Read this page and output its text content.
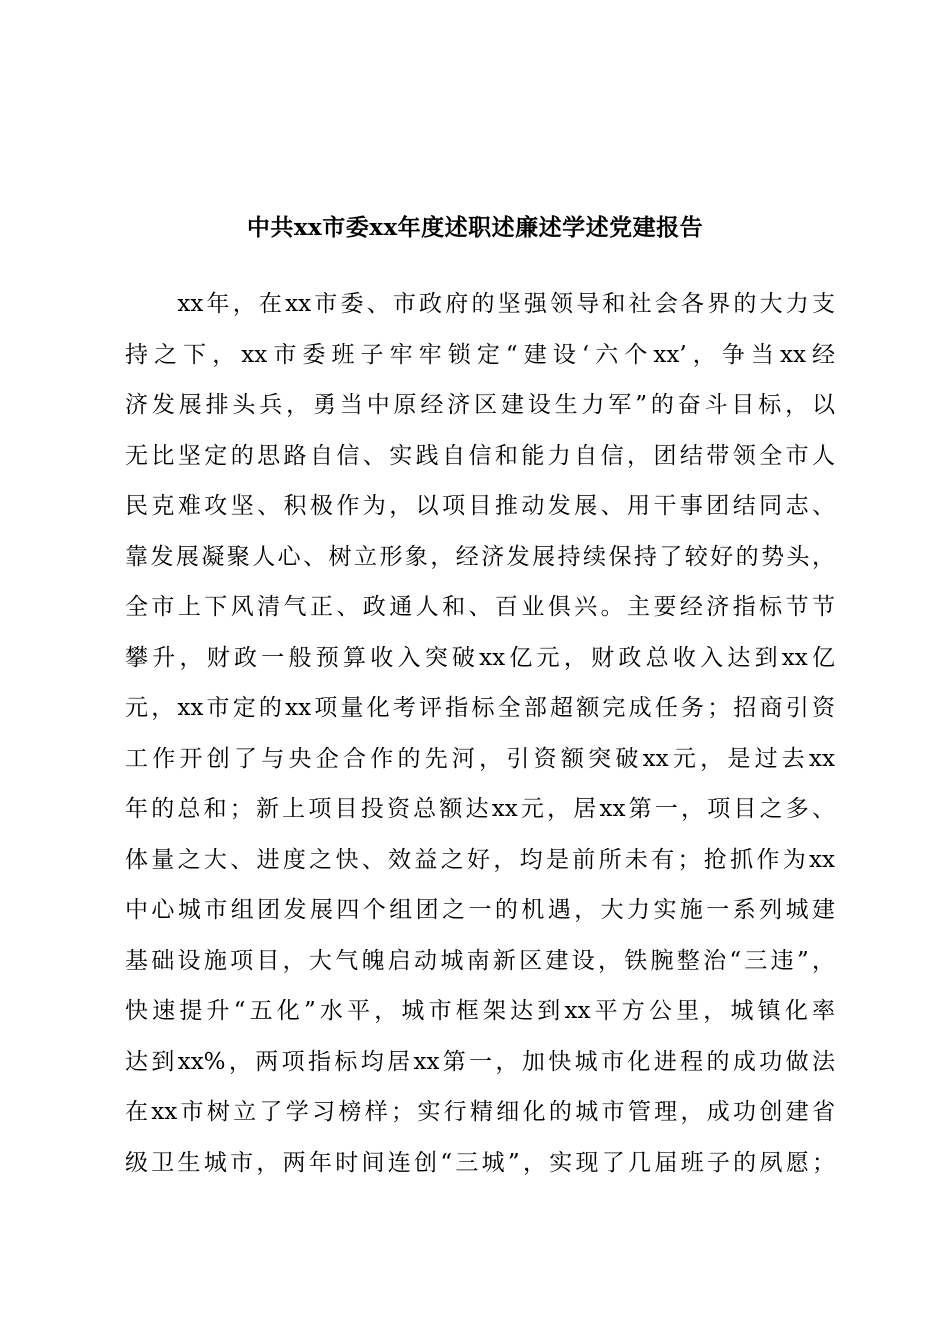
中共xx市委xx年度述职述廉述学述党建报告
　　xx年，在xx市委、市政府的坚强领导和社会各界的大力支
持之下，xx市委班子牢牢锁定“建设‘六个xx’，争当xx经
济发展排头兵，勇当中原经济区建设生力军”的奋斗目标，以
无比坚定的思路自信、实践自信和能力自信，团结带领全市人
民克难攻坚、积极作为，以项目推动发展、用干事团结同志、
靠发展凝聚人心、树立形象，经济发展持续保持了较好的势头，
全市上下风清气正、政通人和、百业俱兴。主要经济指标节节
攀升，财政一般预算收入突破xx亿元，财政总收入达到xx亿
元，xx市定的xx项量化考评指标全部超额完成任务；招商引资
工作开创了与央企合作的先河，引资额突破xx元，是过去xx
年的总和；新上项目投资总额达xx元，居xx第一，项目之多、
体量之大、进度之快、效益之好，均是前所未有；抢抓作为xx
中心城市组团发展四个组团之一的机遇，大力实施一系列城建
基础设施项目，大气魄启动城南新区建设，铁腕整治“三违”，
快速提升“五化”水平，城市框架达到xx平方公里，城镇化率
达到xx%，两项指标均居xx第一，加快城市化进程的成功做法
在xx市树立了学习榜样；实行精细化的城市管理，成功创建省
级卫生城市，两年时间连创“三城”，实现了几届班子的夙愿；
